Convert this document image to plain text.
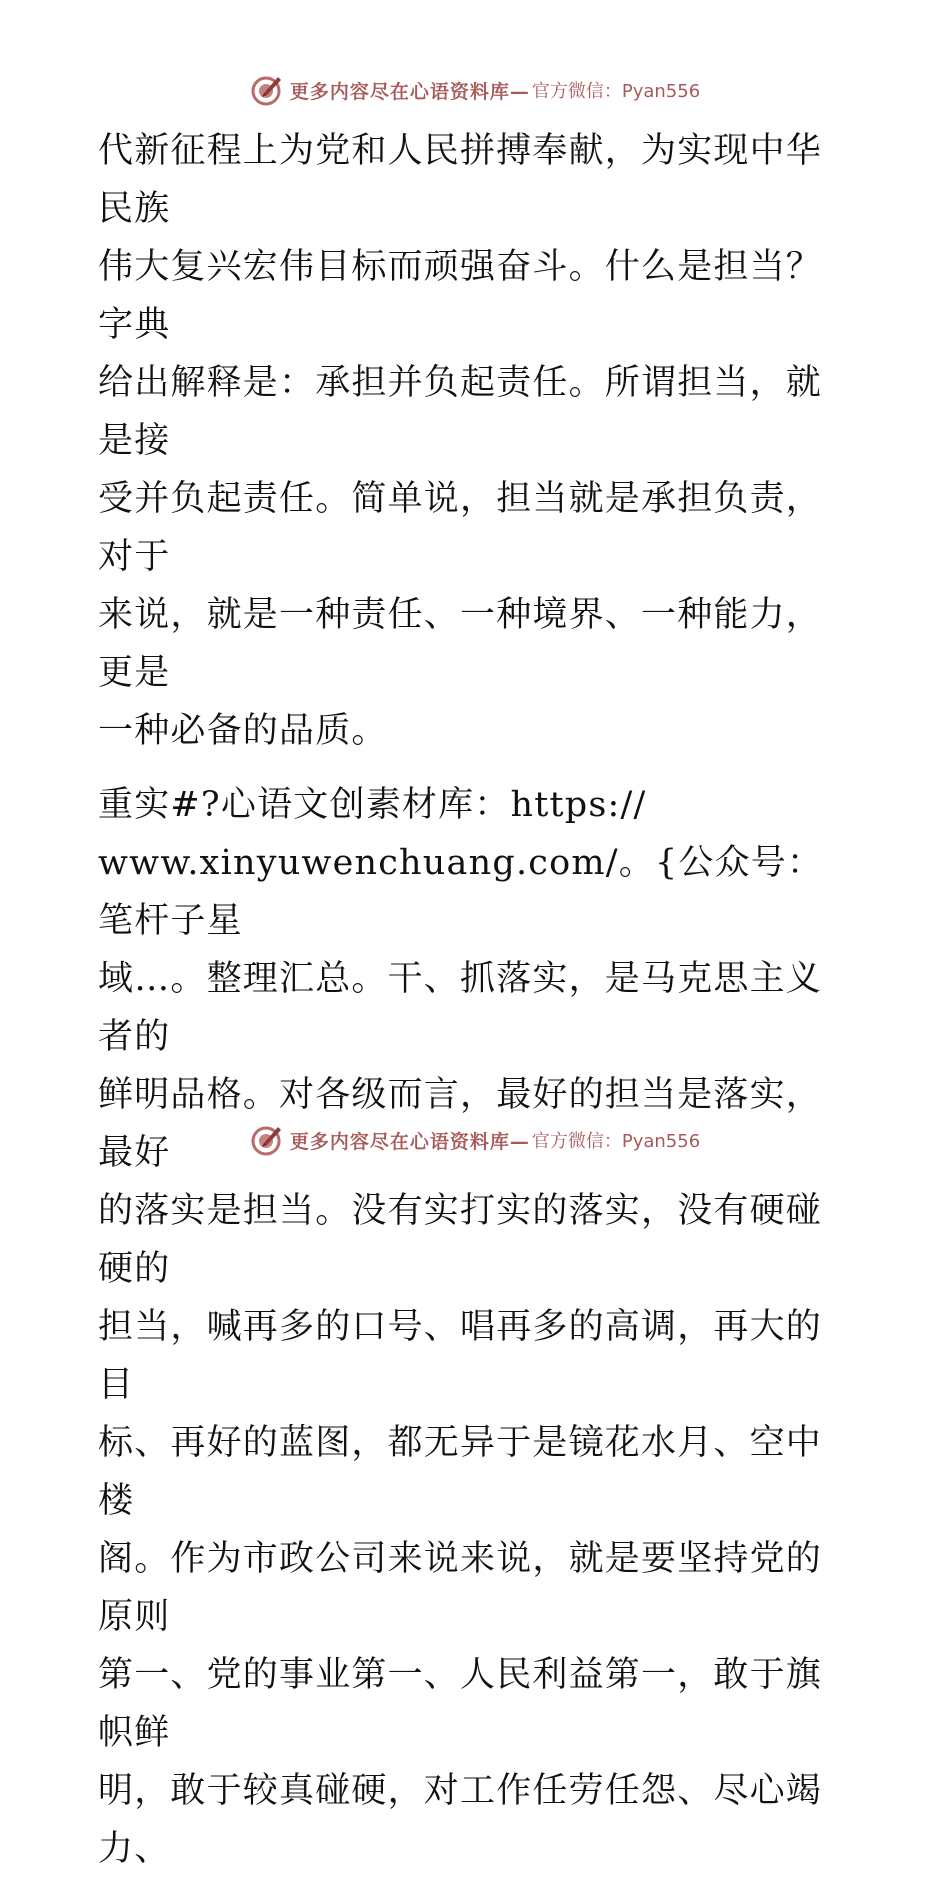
更多内容尽在心语资料库— 官方微信：Pyan556

代新征程上为党和人民拼搏奉献，为实现中华民族
伟大复兴宏伟目标而顽强奋斗。什么是担当？字典
给出解释是：承担并负起责任。所谓担当，就是接
受并负起责任。简单说，担当就是承担负责，对于
来说，就是一种责任、一种境界、一种能力，更是
一种必备的品质。

重实#?心语文创素材库：https://
www.xinyuwenchuang.com/。{公众号：笔杆子星
域…。整理汇总。干、抓落实，是马克思主义者的
鲜明品格。对各级而言，最好的担当是落实，最好
的落实是担当。没有实打实的落实，没有硬碰硬的
担当，喊再多的口号、唱再多的高调，再大的目
标、再好的蓝图，都无异于是镜花水月、空中楼
阁。作为市政公司来说来说，就是要坚持党的原则
第一、党的事业第一、人民利益第一，敢于旗帜鲜
明，敢于较真碰硬，对工作任劳任怨、尽心竭力、

更多内容尽在心语资料库— 官方微信：Pyan556
